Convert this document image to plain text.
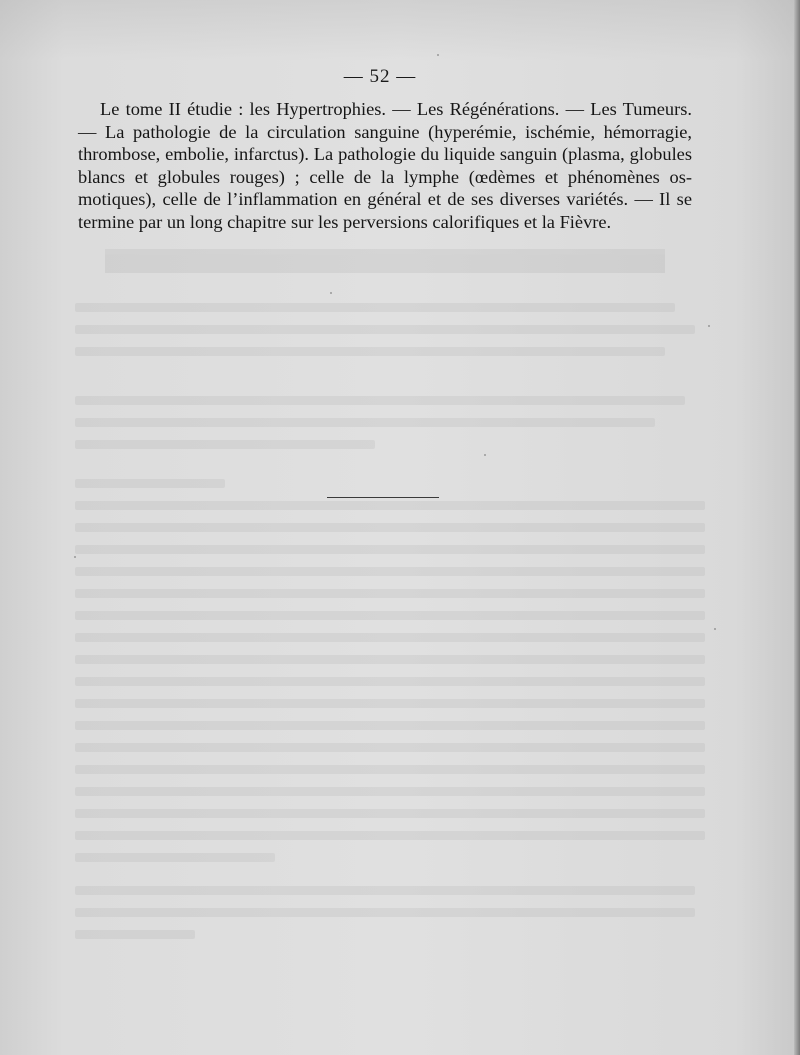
— 52 —

Le tome II étudie : les Hypertrophies. — Les Régénérations. — Les Tumeurs. — La pathologie de la circulation sanguine (hyperémie, ischémie, hémorragie, thrombose, embolie, infarctus). La pathologie du liquide sanguin (plasma, globules blancs et globules rouges) ; celle de la lymphe (œdèmes et phénomènes osmotiques), celle de l’inflammation en général et de ses diverses variétés. — Il se termine par un long chapitre sur les perversions calorifiques et la Fièvre.
